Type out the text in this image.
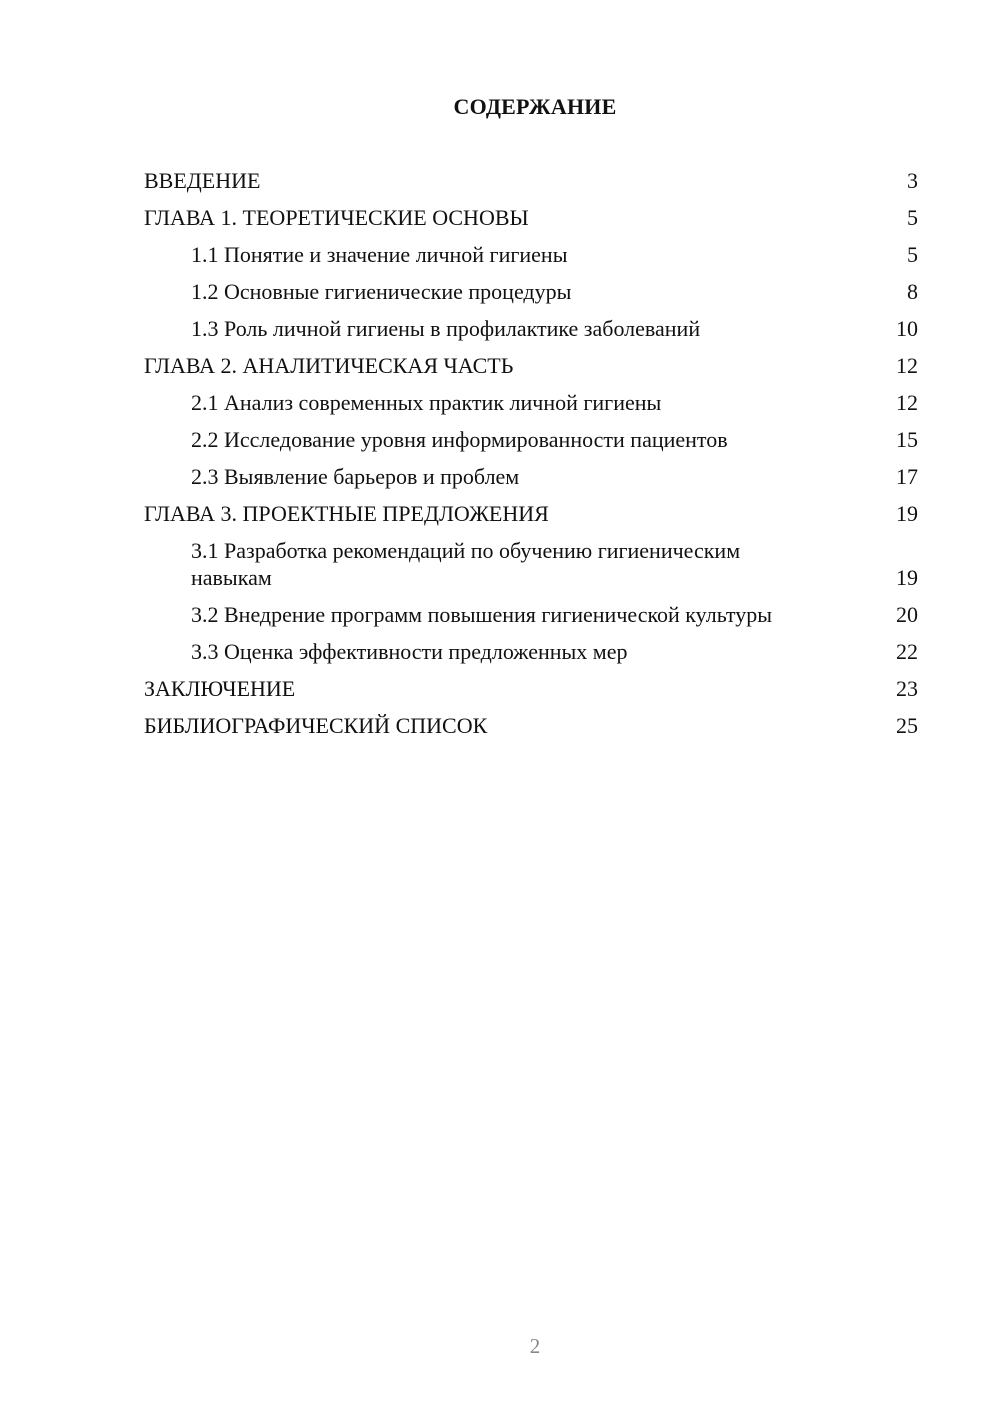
СОДЕРЖАНИЕ
ВВЕДЕНИЕ	3
ГЛАВА 1. ТЕОРЕТИЧЕСКИЕ ОСНОВЫ	5
1.1 Понятие и значение личной гигиены	5
1.2 Основные гигиенические процедуры	8
1.3 Роль личной гигиены в профилактике заболеваний	10
ГЛАВА 2. АНАЛИТИЧЕСКАЯ ЧАСТЬ	12
2.1 Анализ современных практик личной гигиены	12
2.2 Исследование уровня информированности пациентов	15
2.3 Выявление барьеров и проблем	17
ГЛАВА 3. ПРОЕКТНЫЕ ПРЕДЛОЖЕНИЯ	19
3.1 Разработка рекомендаций по обучению гигиеническим навыкам	19
3.2 Внедрение программ повышения гигиенической культуры	20
3.3 Оценка эффективности предложенных мер	22
ЗАКЛЮЧЕНИЕ	23
БИБЛИОГРАФИЧЕСКИЙ СПИСОК	25
2
